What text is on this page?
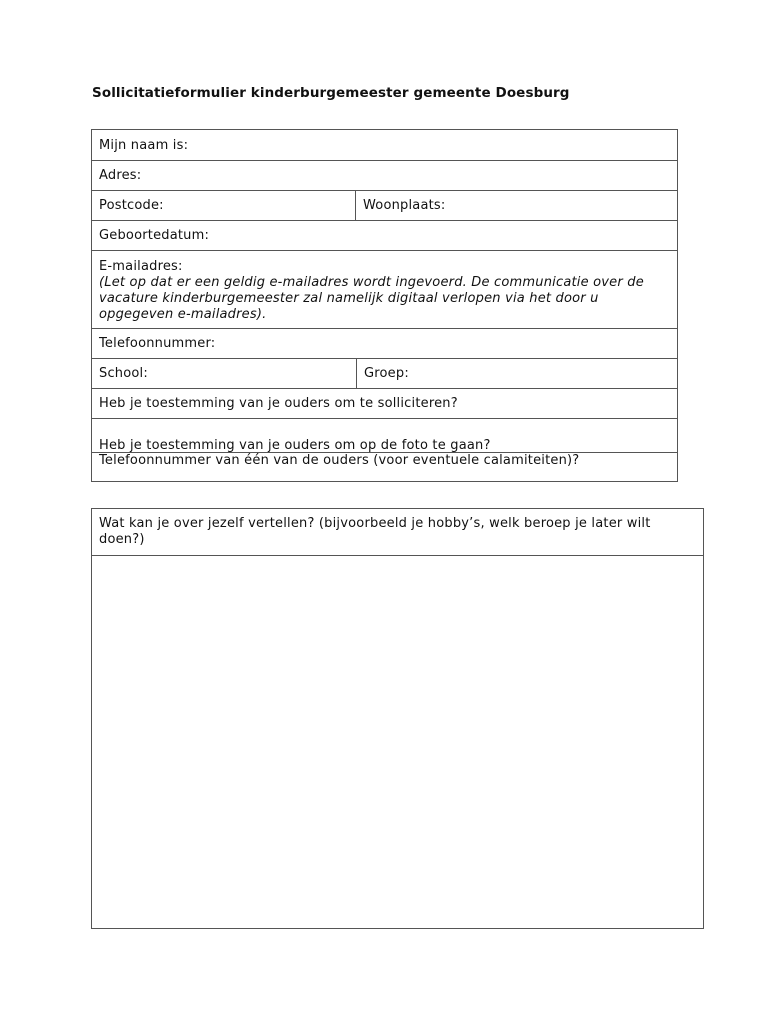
Sollicitatieformulier kinderburgemeester gemeente Doesburg
Mijn naam is:
Adres:
Postcode:	Woonplaats:
Geboortedatum:
E-mailadres:
(Let op dat er een geldig e-mailadres wordt ingevoerd. De communicatie over de vacature kinderburgemeester zal namelijk digitaal verlopen via het door u opgegeven e-mailadres).
Telefoonnummer:
School:	Groep:
Heb je toestemming van je ouders om te solliciteren?
Heb je toestemming van je ouders om op de foto te gaan?
Telefoonnummer van één van de ouders (voor eventuele calamiteiten)?
Wat kan je over jezelf vertellen? (bijvoorbeeld je hobby’s, welk beroep je later wilt doen?)
